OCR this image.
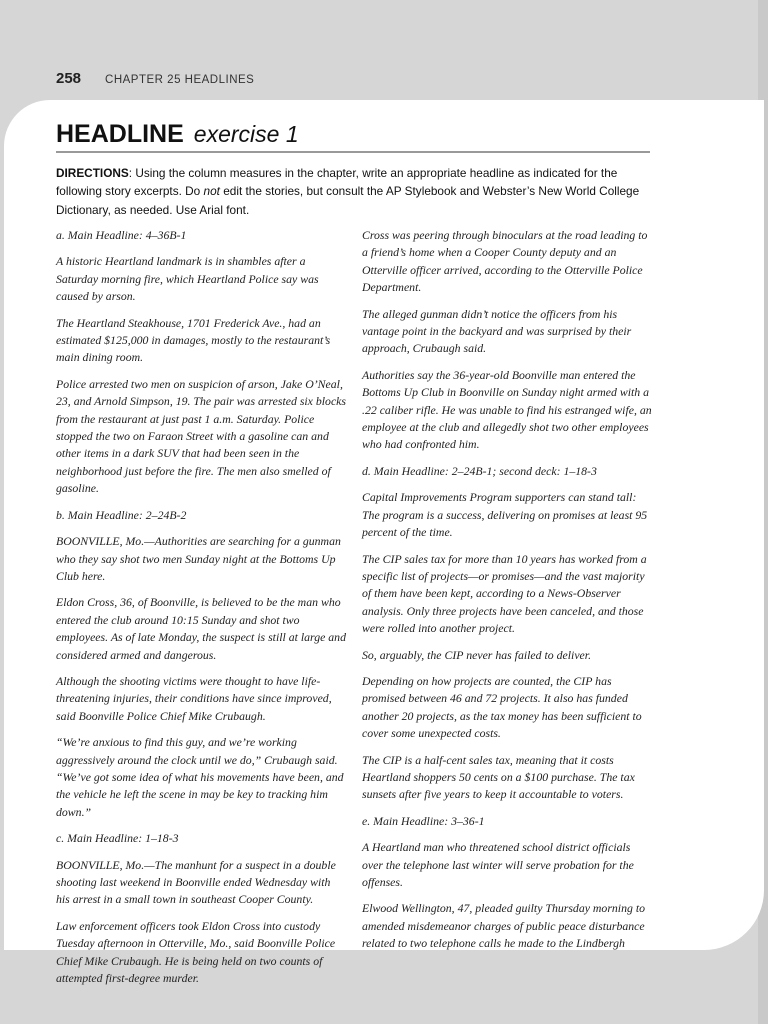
258 CHAPTER 25 HEADLINES
HEADLINE exercise 1
DIRECTIONS: Using the column measures in the chapter, write an appropriate headline as indicated for the following story excerpts. Do not edit the stories, but consult the AP Stylebook and Webster’s New World College Dictionary, as needed. Use Arial font.

a. Main Headline: 4–36B-1

A historic Heartland landmark is in shambles after a Saturday morning fire, which Heartland Police say was caused by arson.

The Heartland Steakhouse, 1701 Frederick Ave., had an estimated $125,000 in damages, mostly to the restaurant’s main dining room.

Police arrested two men on suspicion of arson, Jake O’Neal, 23, and Arnold Simpson, 19. The pair was arrested six blocks from the restaurant at just past 1 a.m. Saturday. Police stopped the two on Faraon Street with a gasoline can and other items in a dark SUV that had been seen in the neighborhood just before the fire. The men also smelled of gasoline.

b. Main Headline: 2–24B-2

BOONVILLE, Mo.—Authorities are searching for a gunman who they say shot two men Sunday night at the Bottoms Up Club here.

Eldon Cross, 36, of Boonville, is believed to be the man who entered the club around 10:15 Sunday and shot two employees. As of late Monday, the suspect is still at large and considered armed and dangerous.

Although the shooting victims were thought to have life-threatening injuries, their conditions have since improved, said Boonville Police Chief Mike Crubaugh.

“We’re anxious to find this guy, and we’re working aggressively around the clock until we do,” Crubaugh said. “We’ve got some idea of what his movements have been, and the vehicle he left the scene in may be key to tracking him down.”

c. Main Headline: 1–18-3

BOONVILLE, Mo.—The manhunt for a suspect in a double shooting last weekend in Boonville ended Wednesday with his arrest in a small town in southeast Cooper County.

Law enforcement officers took Eldon Cross into custody Tuesday afternoon in Otterville, Mo., said Boonville Police Chief Mike Crubaugh. He is being held on two counts of attempted first-degree murder.

Cross was peering through binoculars at the road leading to a friend’s home when a Cooper County deputy and an Otterville officer arrived, according to the Otterville Police Department.

The alleged gunman didn’t notice the officers from his vantage point in the backyard and was surprised by their approach, Crubaugh said.

Authorities say the 36-year-old Boonville man entered the Bottoms Up Club in Boonville on Sunday night armed with a .22 caliber rifle. He was unable to find his estranged wife, an employee at the club and allegedly shot two other employees who had confronted him.

d. Main Headline: 2–24B-1; second deck: 1–18-3

Capital Improvements Program supporters can stand tall: The program is a success, delivering on promises at least 95 percent of the time.

The CIP sales tax for more than 10 years has worked from a specific list of projects—or promises—and the vast majority of them have been kept, according to a News-Observer analysis. Only three projects have been canceled, and those were rolled into another project.

So, arguably, the CIP never has failed to deliver.

Depending on how projects are counted, the CIP has promised between 46 and 72 projects. It also has funded another 20 projects, as the tax money has been sufficient to cover some unexpected costs.

The CIP is a half-cent sales tax, meaning that it costs Heartland shoppers 50 cents on a $100 purchase. The tax sunsets after five years to keep it accountable to voters.

e. Main Headline: 3–36-1

A Heartland man who threatened school district officials over the telephone last winter will serve probation for the offenses.

Elwood Wellington, 47, pleaded guilty Thursday morning to amended misdemeanor charges of public peace disturbance related to two telephone calls he made to the Lindbergh
